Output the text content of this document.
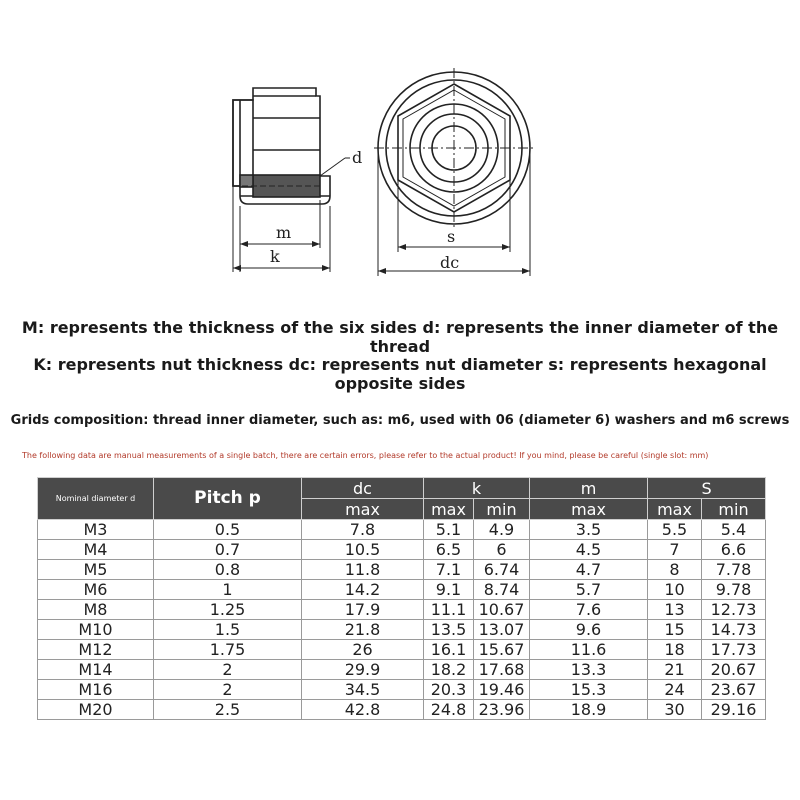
d
m
k
s
dc
M: represents the thickness of the six sides d: represents the inner diameter of the thread
K: represents nut thickness dc: represents nut diameter s: represents hexagonal opposite sides
Grids composition: thread inner diameter, such as: m6, used with 06 (diameter 6) washers and m6 screws
The following data are manual measurements of a single batch, there are certain errors, please refer to the actual product! If you mind, please be careful (single slot: mm)
Nominal diameter d	Pitch p	dc	k		m	S	
		max	max	min	max	max	min
M3	0.5	7.8	5.1	4.9	3.5	5.5	5.4
M4	0.7	10.5	6.5	6	4.5	7	6.6
M5	0.8	11.8	7.1	6.74	4.7	8	7.78
M6	1	14.2	9.1	8.74	5.7	10	9.78
M8	1.25	17.9	11.1	10.67	7.6	13	12.73
M10	1.5	21.8	13.5	13.07	9.6	15	14.73
M12	1.75	26	16.1	15.67	11.6	18	17.73
M14	2	29.9	18.2	17.68	13.3	21	20.67
M16	2	34.5	20.3	19.46	15.3	24	23.67
M20	2.5	42.8	24.8	23.96	18.9	30	29.16
